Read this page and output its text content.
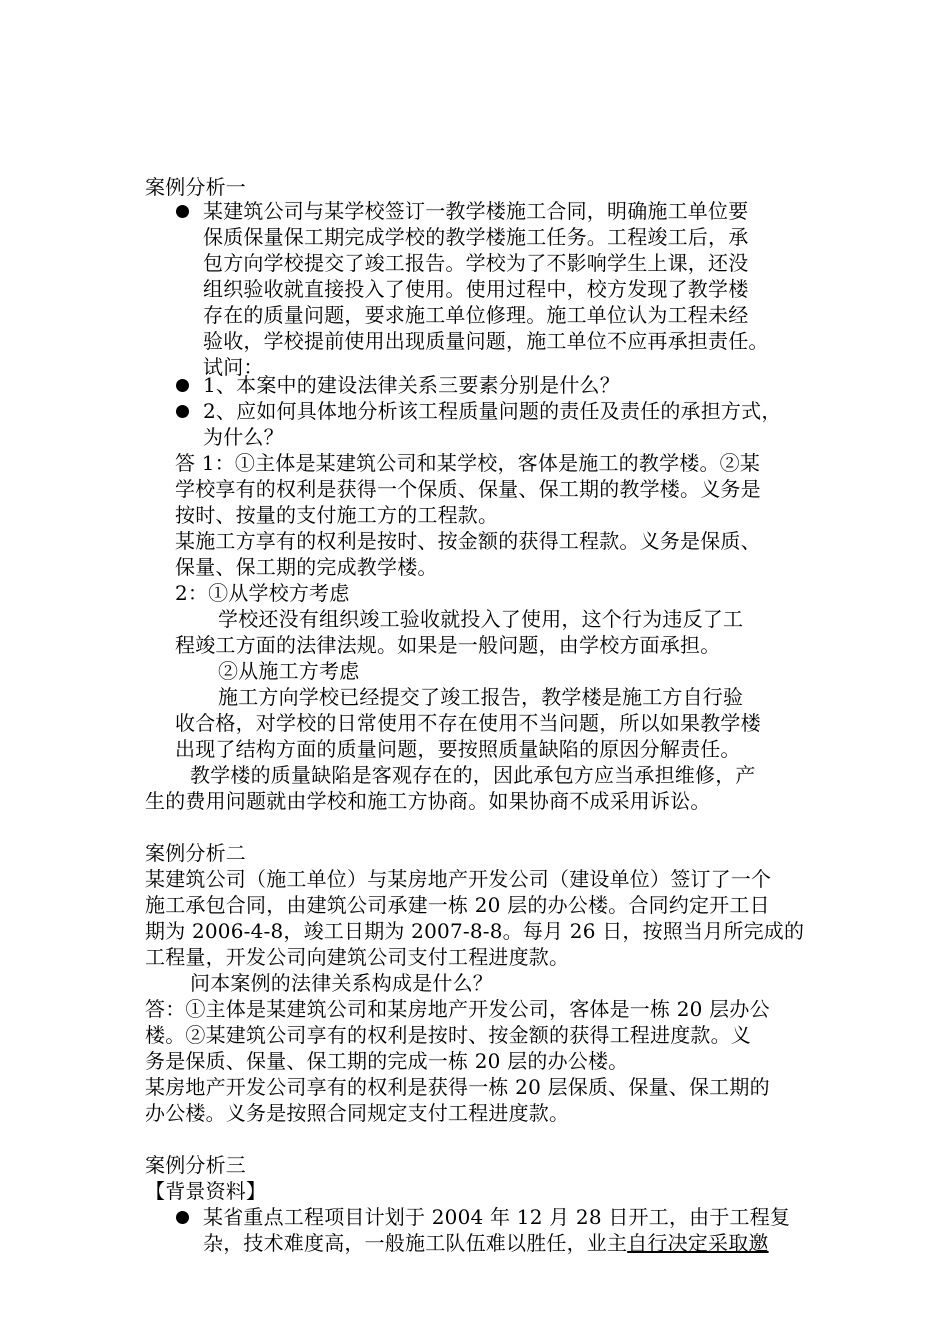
案例分析一
某建筑公司与某学校签订一教学楼施工合同，明确施工单位要
保质保量保工期完成学校的教学楼施工任务。工程竣工后，承
包方向学校提交了竣工报告。学校为了不影响学生上课，还没
组织验收就直接投入了使用。使用过程中，校方发现了教学楼
存在的质量问题，要求施工单位修理。施工单位认为工程未经
验收，学校提前使用出现质量问题，施工单位不应再承担责任。
试问：
1、本案中的建设法律关系三要素分别是什么？
2、应如何具体地分析该工程质量问题的责任及责任的承担方式，
为什么？
答 1：①主体是某建筑公司和某学校，客体是施工的教学楼。②某
学校享有的权利是获得一个保质、保量、保工期的教学楼。义务是
按时、按量的支付施工方的工程款。
某施工方享有的权利是按时、按金额的获得工程款。义务是保质、
保量、保工期的完成教学楼。
2：①从学校方考虑
学校还没有组织竣工验收就投入了使用，这个行为违反了工
程竣工方面的法律法规。如果是一般问题，由学校方面承担。
②从施工方考虑
施工方向学校已经提交了竣工报告，教学楼是施工方自行验
收合格，对学校的日常使用不存在使用不当问题，所以如果教学楼
出现了结构方面的质量问题，要按照质量缺陷的原因分解责任。
教学楼的质量缺陷是客观存在的，因此承包方应当承担维修，产
生的费用问题就由学校和施工方协商。如果协商不成采用诉讼。
案例分析二
某建筑公司（施工单位）与某房地产开发公司（建设单位）签订了一个
施工承包合同，由建筑公司承建一栋 20 层的办公楼。合同约定开工日
期为 2006-4-8，竣工日期为 2007-8-8。每月 26 日，按照当月所完成的
工程量，开发公司向建筑公司支付工程进度款。
问本案例的法律关系构成是什么？
答：①主体是某建筑公司和某房地产开发公司，客体是一栋 20 层办公
楼。②某建筑公司享有的权利是按时、按金额的获得工程进度款。义
务是保质、保量、保工期的完成一栋 20 层的办公楼。
某房地产开发公司享有的权利是获得一栋 20 层保质、保量、保工期的
办公楼。义务是按照合同规定支付工程进度款。
案例分析三
【背景资料】
某省重点工程项目计划于 2004 年 12 月 28 日开工，由于工程复
杂，技术难度高，一般施工队伍难以胜任，业主自行决定采取邀
